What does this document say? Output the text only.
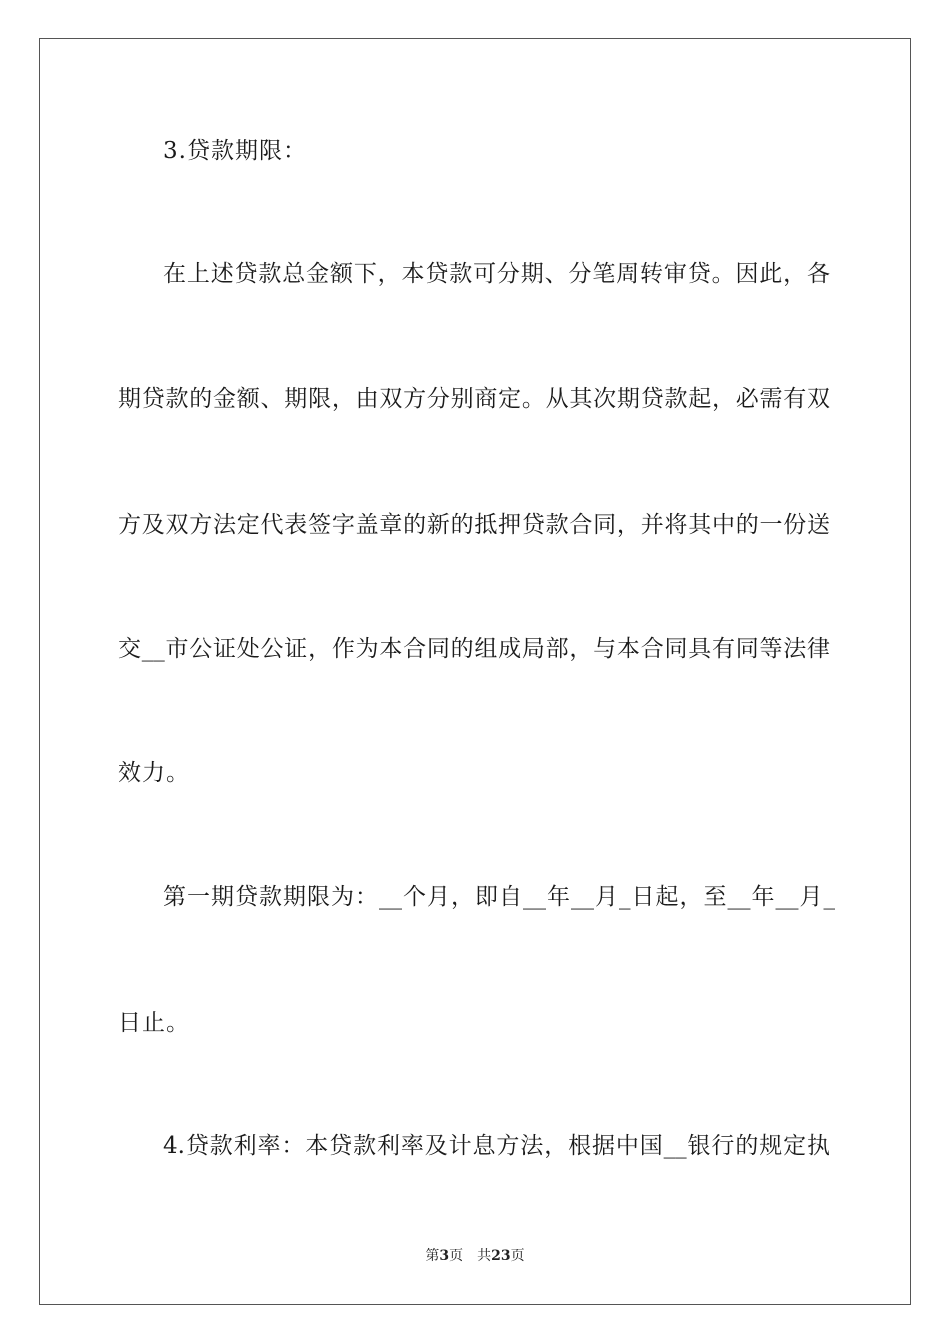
3.贷款期限：
在上述贷款总金额下，本贷款可分期、分笔周转审贷。因此，各
期贷款的金额、期限，由双方分别商定。从其次期贷款起，必需有双
方及双方法定代表签字盖章的新的抵押贷款合同，并将其中的一份送
交__市公证处公证，作为本合同的组成局部，与本合同具有同等法律
效力。
第一期贷款期限为：__个月，即自__年__月_日起，至__年__月_
日止。
4.贷款利率：本贷款利率及计息方法，根据中国__银行的规定执
第3页　共23页
